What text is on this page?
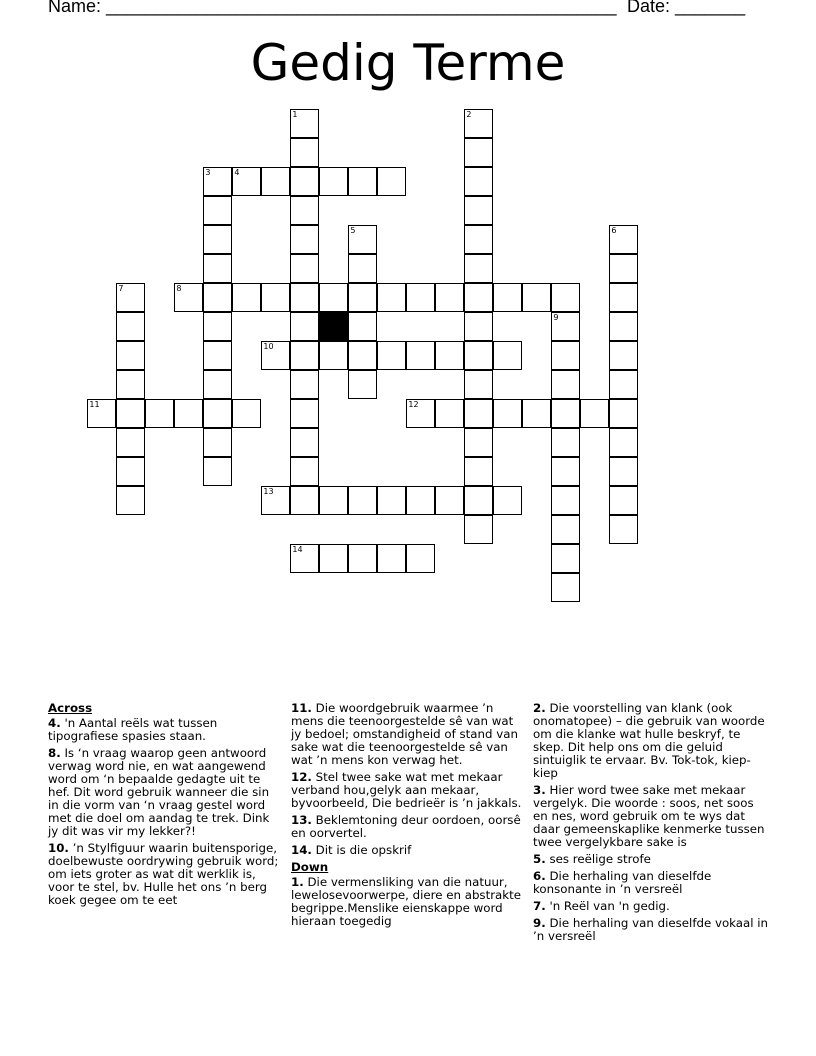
Name: ___________________________________________________ Date: _______
Gedig Terme
1	2
3	4
5	6
7	8
9
10
11	12
13
14
Across
4. 'n Aantal reëls wat tussen tipografiese spasies staan.
8. Is ‘n vraag waarop geen antwoord verwag word nie, en wat aangewend word om ‘n bepaalde gedagte uit te hef. Dit word gebruik wanneer die sin in die vorm van ‘n vraag gestel word met die doel om aandag te trek. Dink jy dit was vir my lekker?!
10. ’n Stylfiguur waarin buitensporige, doelbewuste oordrywing gebruik word; om iets groter as wat dit werklik is, voor te stel, bv. Hulle het ons ’n berg koek gegee om te eet
11. Die woordgebruik waarmee ’n mens die teenoorgestelde sê van wat jy bedoel; omstandigheid of stand van sake wat die teenoorgestelde sê van wat ’n mens kon verwag het.
12. Stel twee sake wat met mekaar verband hou,gelyk aan mekaar, byvoorbeeld, Die bedrieër is ’n jakkals.
13. Beklemtoning deur oordoen, oorsê en oorvertel.
14. Dit is die opskrif
Down
1. Die vermensliking van die natuur, lewelosevoorwerpe, diere en abstrakte begrippe.Menslike eienskappe word hieraan toegedig
2. Die voorstelling van klank (ook onomatopee) – die gebruik van woorde om die klanke wat hulle beskryf, te skep. Dit help ons om die geluid sintuiglik te ervaar. Bv. Tok-tok, kiep-kiep
3. Hier word twee sake met mekaar vergelyk. Die woorde : soos, net soos en nes, word gebruik om te wys dat daar gemeenskaplike kenmerke tussen twee vergelykbare sake is
5. ses reëlige strofe
6. Die herhaling van dieselfde konsonante in ’n versreël
7. 'n Reël van 'n gedig.
9. Die herhaling van dieselfde vokaal in ’n versreël
